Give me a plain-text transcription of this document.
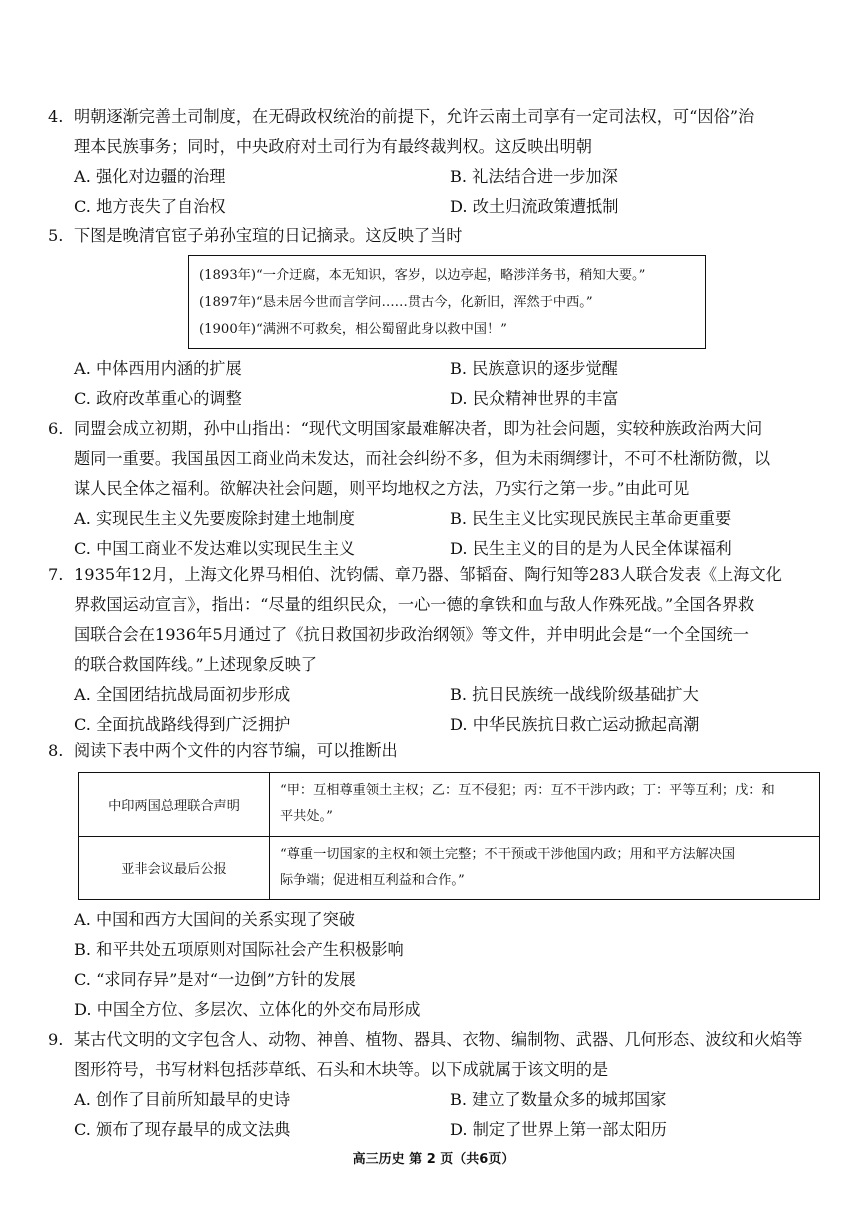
4. 明朝逐渐完善土司制度，在无碍政权统治的前提下，允许云南土司享有一定司法权，可“因俗”治
理本民族事务；同时，中央政府对土司行为有最终裁判权。这反映出明朝
A. 强化对边疆的治理	B. 礼法结合进一步加深
C. 地方丧失了自治权	D. 改土归流政策遭抵制
5. 下图是晚清官宦子弟孙宝瑄的日记摘录。这反映了当时
(1893年)“一介迂腐，本无知识，客岁，以边亭起，略涉洋务书，稍知大要。”
(1897年)“恳未居今世而言学问……贯古今，化新旧，浑然于中西。”
(1900年)“满洲不可救矣，相公蜀留此身以救中国！”
A. 中体西用内涵的扩展	B. 民族意识的逐步觉醒
C. 政府改革重心的调整	D. 民众精神世界的丰富
6. 同盟会成立初期，孙中山指出：“现代文明国家最难解决者，即为社会问题，实较种族政治两大问
题同一重要。我国虽因工商业尚未发达，而社会纠纷不多，但为未雨绸缪计，不可不杜渐防微，以
谋人民全体之福利。欲解决社会问题，则平均地权之方法，乃实行之第一步。”由此可见
A. 实现民生主义先要废除封建土地制度	B. 民生主义比实现民族民主革命更重要
C. 中国工商业不发达难以实现民生主义	D. 民生主义的目的是为人民全体谋福利
7. 1935年12月，上海文化界马相伯、沈钧儒、章乃器、邹韬奋、陶行知等283人联合发表《上海文化
界救国运动宣言》，指出：“尽量的组织民众，一心一德的拿铁和血与敌人作殊死战。”全国各界救
国联合会在1936年5月通过了《抗日救国初步政治纲领》等文件，并申明此会是“一个全国统一
的联合救国阵线。”上述现象反映了
A. 全国团结抗战局面初步形成	B. 抗日民族统一战线阶级基础扩大
C. 全面抗战路线得到广泛拥护	D. 中华民族抗日救亡运动掀起高潮
8. 阅读下表中两个文件的内容节编，可以推断出
中印两国总理联合声明	“甲：互相尊重领土主权；乙：互不侵犯；丙：互不干涉内政；丁：平等互利；戊：和
平共处。”

亚非会议最后公报	“尊重一切国家的主权和领土完整；不干预或干涉他国内政；用和平方法解决国
际争端；促进相互利益和合作。”
A. 中国和西方大国间的关系实现了突破
B. 和平共处五项原则对国际社会产生积极影响
C. “求同存异”是对“一边倒”方针的发展
D. 中国全方位、多层次、立体化的外交布局形成
9. 某古代文明的文字包含人、动物、神兽、植物、器具、衣物、编制物、武器、几何形态、波纹和火焰等
图形符号，书写材料包括莎草纸、石头和木块等。以下成就属于该文明的是
A. 创作了目前所知最早的史诗	B. 建立了数量众多的城邦国家
C. 颁布了现存最早的成文法典	D. 制定了世界上第一部太阳历
高三历史 第 2 页（共6页）
